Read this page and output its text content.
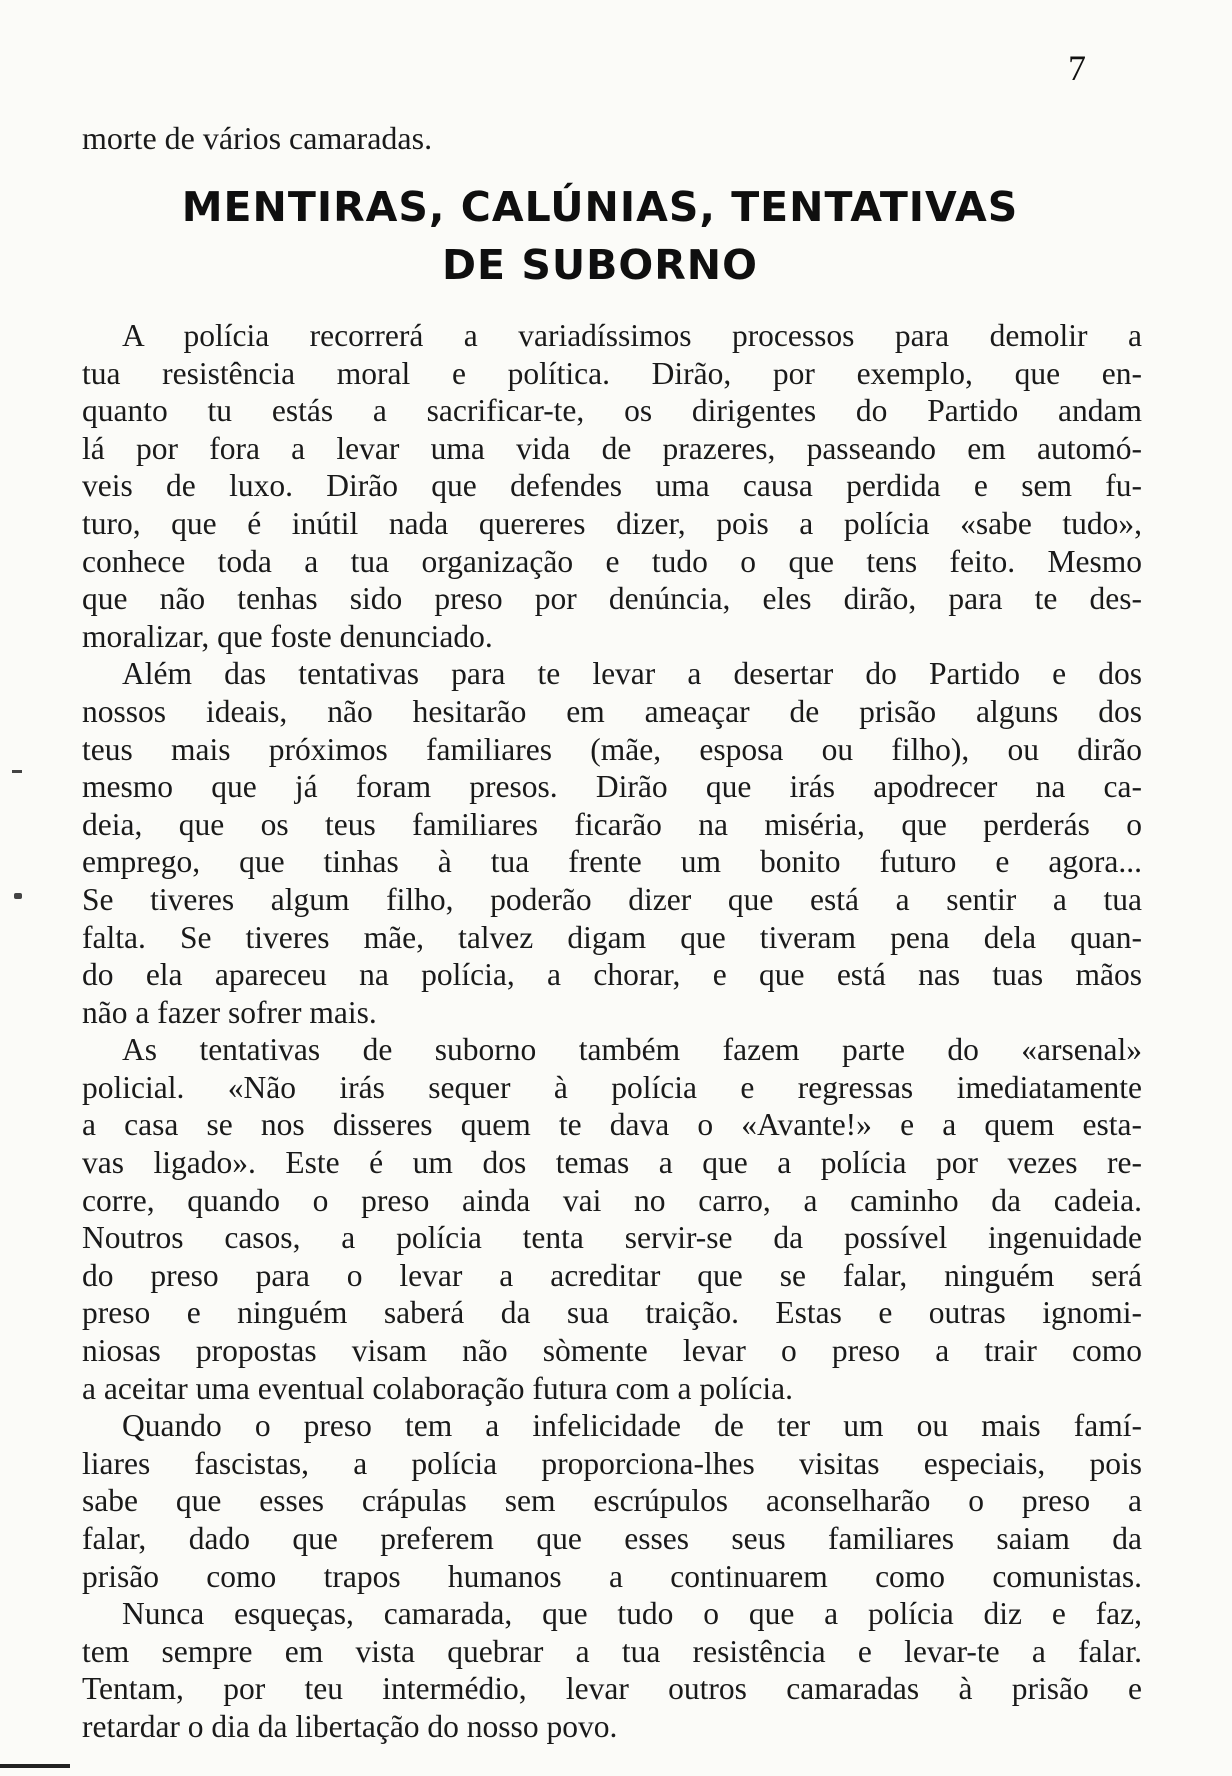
7

morte de vários camaradas.

MENTIRAS, CALÚNIAS, TENTATIVAS
DE SUBORNO
A polícia recorrerá a variadíssimos processos para demolir a
tua resistência moral e política. Dirão, por exemplo, que en-
quanto tu estás a sacrificar-te, os dirigentes do Partido andam
lá por fora a levar uma vida de prazeres, passeando em automó-
veis de luxo. Dirão que defendes uma causa perdida e sem fu-
turo, que é inútil nada quereres dizer, pois a polícia «sabe tudo»,
conhece toda a tua organização e tudo o que tens feito. Mesmo
que não tenhas sido preso por denúncia, eles dirão, para te des-
moralizar, que foste denunciado.
Além das tentativas para te levar a desertar do Partido e dos
nossos ideais, não hesitarão em ameaçar de prisão alguns dos
teus mais próximos familiares (mãe, esposa ou filho), ou dirão
mesmo que já foram presos. Dirão que irás apodrecer na ca-
deia, que os teus familiares ficarão na miséria, que perderás o
emprego, que tinhas à tua frente um bonito futuro e agora...
Se tiveres algum filho, poderão dizer que está a sentir a tua
falta. Se tiveres mãe, talvez digam que tiveram pena dela quan-
do ela apareceu na polícia, a chorar, e que está nas tuas mãos
não a fazer sofrer mais.
As tentativas de suborno também fazem parte do «arsenal»
policial. «Não irás sequer à polícia e regressas imediatamente
a casa se nos disseres quem te dava o «Avante!» e a quem esta-
vas ligado». Este é um dos temas a que a polícia por vezes re-
corre, quando o preso ainda vai no carro, a caminho da cadeia.
Noutros casos, a polícia tenta servir-se da possível ingenuidade
do preso para o levar a acreditar que se falar, ninguém será
preso e ninguém saberá da sua traição. Estas e outras ignomi-
niosas propostas visam não sòmente levar o preso a trair como
a aceitar uma eventual colaboração futura com a polícia.
Quando o preso tem a infelicidade de ter um ou mais famí-
liares fascistas, a polícia proporciona-lhes visitas especiais, pois
sabe que esses crápulas sem escrúpulos aconselharão o preso a
falar, dado que preferem que esses seus familiares saiam da
prisão como trapos humanos a continuarem como comunistas.
Nunca esqueças, camarada, que tudo o que a polícia diz e faz,
tem sempre em vista quebrar a tua resistência e levar-te a falar.
Tentam, por teu intermédio, levar outros camaradas à prisão e
retardar o dia da libertação do nosso povo.
